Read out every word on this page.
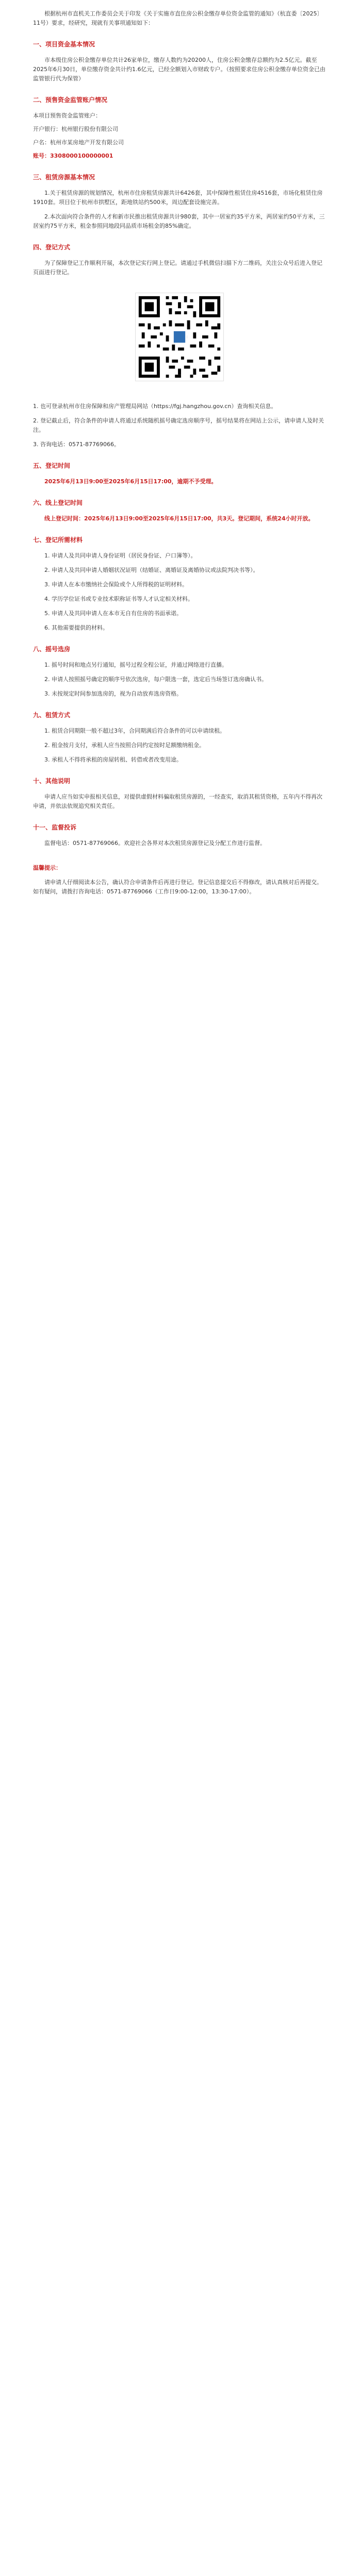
根据杭州市直机关工作委员会关于印发《关于实施市直住房公积金缴存单位资金监管的通知》（杭直委〔2025〕11号）要求，经研究，现就有关事项通知如下：

一、项目资金基本情况

市本级住房公积金缴存单位共计26家单位，缴存人数约为20200人，住房公积金缴存总额约为2.5亿元。截至2025年6月30日，单位缴存资金共计约1.6亿元，已经全额划入市财政专户。（按照要求住房公积金缴存单位资金已由监管银行代为保管）

二、预售资金监管账户情况
本项目预售资金监管账户：
开户银行：杭州银行股份有限公司
户名：杭州市某房地产开发有限公司
账号：3308000100000001
三、租赁房源基本情况

1.关于租赁房源的规划情况，杭州市住房租赁房源共计6426套，其中保障性租赁住房4516套，市场化租赁住房1910套。项目位于杭州市拱墅区，距地铁站约500米，周边配套设施完善。

2.本次面向符合条件的人才和新市民推出租赁房源共计980套，其中一居室约35平方米，两居室约50平方米，三居室约75平方米，租金参照同地段同品质市场租金的85%确定。

四、登记方式

为了保障登记工作顺利开展，本次登记实行网上登记。请通过手机微信扫描下方二维码，关注公众号后进入登记页面进行登记。

1. 也可登录杭州市住房保障和房产管理局网站（https://fgj.hangzhou.gov.cn）查询相关信息。

2. 登记截止后，符合条件的申请人将通过系统随机摇号确定选房顺序号，摇号结果将在网站上公示，请申请人及时关注。

3. 咨询电话：0571-87769066。

五、登记时间

2025年6月13日9:00至2025年6月15日17:00，逾期不予受理。

六、线上登记时间

线上登记时间：2025年6月13日9:00至2025年6月15日17:00，共3天。登记期间，系统24小时开放。

七、登记所需材料

1. 申请人及共同申请人身份证明（居民身份证、户口簿等）。

2. 申请人及共同申请人婚姻状况证明（结婚证、离婚证及离婚协议或法院判决书等）。

3. 申请人在本市缴纳社会保险或个人所得税的证明材料。

4. 学历学位证书或专业技术职称证书等人才认定相关材料。

5. 申请人及共同申请人在本市无自有住房的书面承诺。

6. 其他需要提供的材料。

八、摇号选房

1. 摇号时间和地点另行通知，摇号过程全程公证，并通过网络进行直播。

2. 申请人按照摇号确定的顺序号依次选房，每户限选一套，选定后当场签订选房确认书。

3. 未按规定时间参加选房的，视为自动放弃选房资格。

九、租赁方式

1. 租赁合同期限一般不超过3年，合同期满后符合条件的可以申请续租。

2. 租金按月支付，承租人应当按照合同约定按时足额缴纳租金。

3. 承租人不得将承租的房屋转租、转借或者改变用途。

十、其他说明

申请人应当如实申报相关信息，对提供虚假材料骗取租赁房源的，一经查实，取消其租赁资格，五年内不得再次申请，并依法依规追究相关责任。

十一、监督投诉

监督电话：0571-87769066。欢迎社会各界对本次租赁房源登记及分配工作进行监督。

温馨提示：

请申请人仔细阅读本公告，确认符合申请条件后再进行登记。登记信息提交后不得修改，请认真核对后再提交。如有疑问，请拨打咨询电话：0571-87769066（工作日9:00-12:00，13:30-17:00）。
